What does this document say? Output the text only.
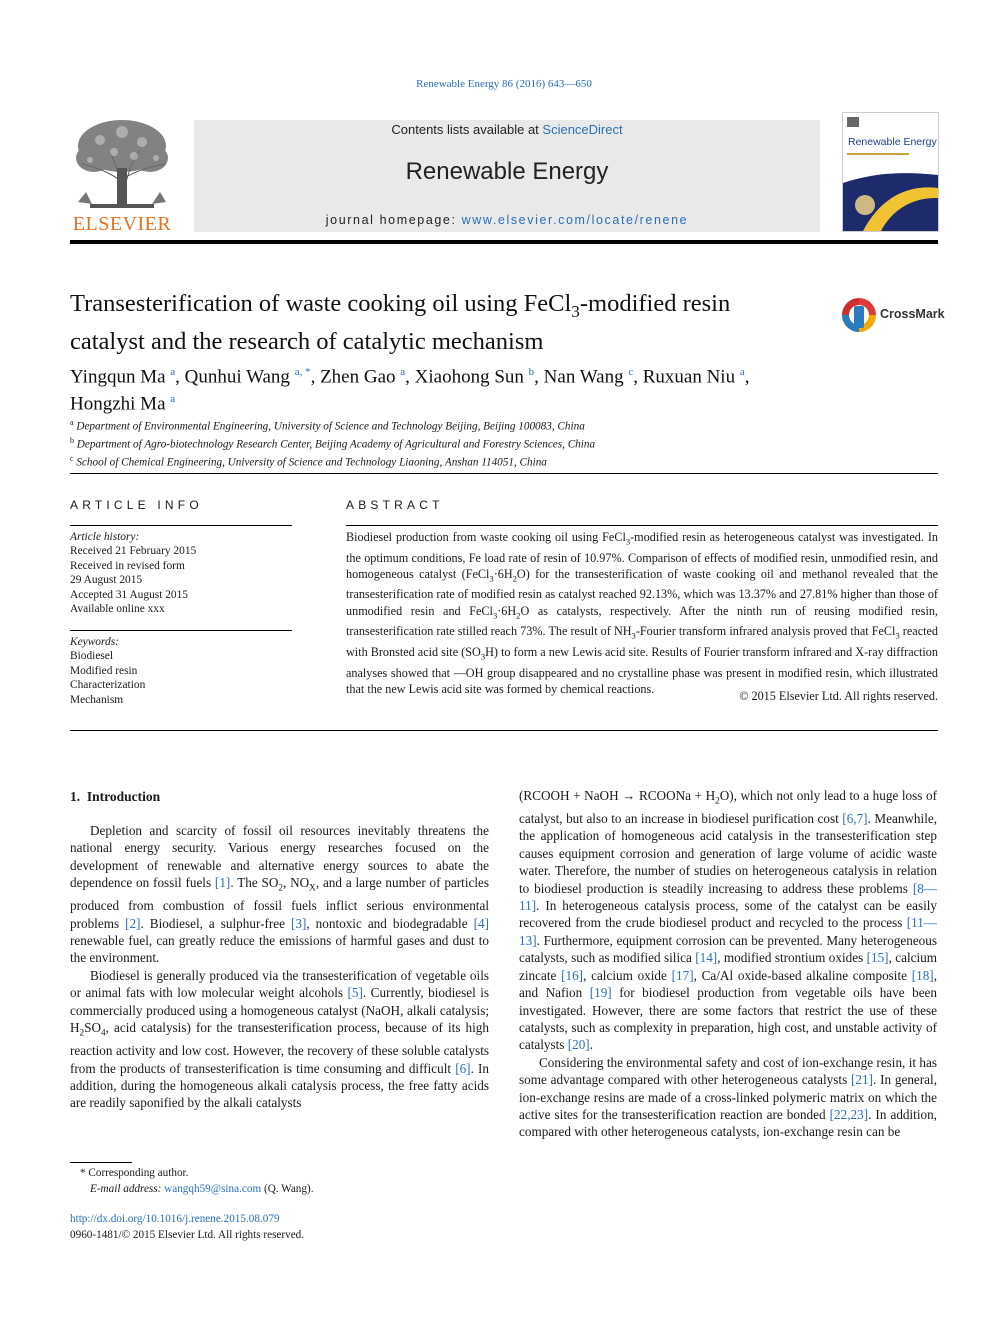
Renewable Energy 86 (2016) 643—650
ELSEVIER
Contents lists available at ScienceDirect
Renewable Energy
journal homepage: www.elsevier.com/locate/renene
Renewable Energy
Transesterification of waste cooking oil using FeCl$_3$-modified resin
catalyst and the research of catalytic mechanism
CrossMark
Yingqun Ma $^a$, Qunhui Wang $^{a, *}$, Zhen Gao $^a$, Xiaohong Sun $^b$, Nan Wang $^c$, Ruxuan Niu $^a$,
Hongzhi Ma $^a$
$^a$ Department of Environmental Engineering, University of Science and Technology Beijing, Beijing 100083, China
$^b$ Department of Agro-biotechnology Research Center, Beijing Academy of Agricultural and Forestry Sciences, China
$^c$ School of Chemical Engineering, University of Science and Technology Liaoning, Anshan 114051, China
ARTICLE INFO
Article history:
Received 21 February 2015
Received in revised form
29 August 2015
Accepted 31 August 2015
Available online xxx
Keywords:
Biodiesel
Modified resin
Characterization
Mechanism
ABSTRACT
Biodiesel production from waste cooking oil using FeCl$_3$-modified resin as heterogeneous catalyst was investigated. In the optimum conditions, Fe load rate of resin of 10.97%. Comparison of effects of modified resin, unmodified resin, and homogeneous catalyst $(FeCl_3\cdot 6H_2O)$ for the transesterification of waste cooking oil and methanol revealed that the transesterification rate of modified resin as catalyst reached 92.13%, which was 13.37% and 27.81% higher than those of unmodified resin and $FeCl_3\cdot 6H_2O$ as catalysts, respectively. After the ninth run of reusing modified resin, transesterification rate stilled reach 73%. The result of $NH_3$-Fourier transform infrared analysis proved that FeCl$_3$ reacted with Bronsted acid site $(SO_3H)$ to form a new Lewis acid site. Results of Fourier transform infrared and X-ray diffraction analyses showed that —OH group disappeared and no crystalline phase was present in modified resin, which illustrated that the new Lewis acid site was formed by chemical reactions.
© 2015 Elsevier Ltd. All rights reserved.
1. Introduction

Depletion and scarcity of fossil oil resources inevitably threatens the national energy security. Various energy researches focused on the development of renewable and alternative energy sources to abate the dependence on fossil fuels [1]. The $SO_2$, $NO_X$, and a large number of particles produced from combustion of fossil fuels inflict serious environmental problems [2]. Biodiesel, a sulphur-free [3], nontoxic and biodegradable [4] renewable fuel, can greatly reduce the emissions of harmful gases and dust to the environment.

Biodiesel is generally produced via the transesterification of vegetable oils or animal fats with low molecular weight alcohols [5]. Currently, biodiesel is commercially produced using a homogeneous catalyst (NaOH, alkali catalysis; $H_2SO_4$, acid catalysis) for the transesterification process, because of its high reaction activity and low cost. However, the recovery of these soluble catalysts from the products of transesterification is time consuming and difficult [6]. In addition, during the homogeneous alkali catalysis process, the free fatty acids are readily saponified by the alkali catalysts

(RCOOH + NaOH → RCOONa + $H_2O$), which not only lead to a huge loss of catalyst, but also to an increase in biodiesel purification cost [6,7]. Meanwhile, the application of homogeneous acid catalysis in the transesterification step causes equipment corrosion and generation of large volume of acidic waste water. Therefore, the number of studies on heterogeneous catalysis in relation to biodiesel production is steadily increasing to address these problems [8—11]. In heterogeneous catalysis process, some of the catalyst can be easily recovered from the crude biodiesel product and recycled to the process [11—13]. Furthermore, equipment corrosion can be prevented. Many heterogeneous catalysts, such as modified silica [14], modified strontium oxides [15], calcium zincate [16], calcium oxide [17], Ca/Al oxide-based alkaline composite [18], and Nafion [19] for biodiesel production from vegetable oils have been investigated. However, there are some factors that restrict the use of these catalysts, such as complexity in preparation, high cost, and unstable activity of catalysts [20].

Considering the environmental safety and cost of ion-exchange resin, it has some advantage compared with other heterogeneous catalysts [21]. In general, ion-exchange resins are made of a cross-linked polymeric matrix on which the active sites for the transesterification reaction are bonded [22,23]. In addition, compared with other heterogeneous catalysts, ion-exchange resin can be

* Corresponding author.
E-mail address: wangqh59@sina.com (Q. Wang).
http://dx.doi.org/10.1016/j.renene.2015.08.079
0960-1481/© 2015 Elsevier Ltd. All rights reserved.
